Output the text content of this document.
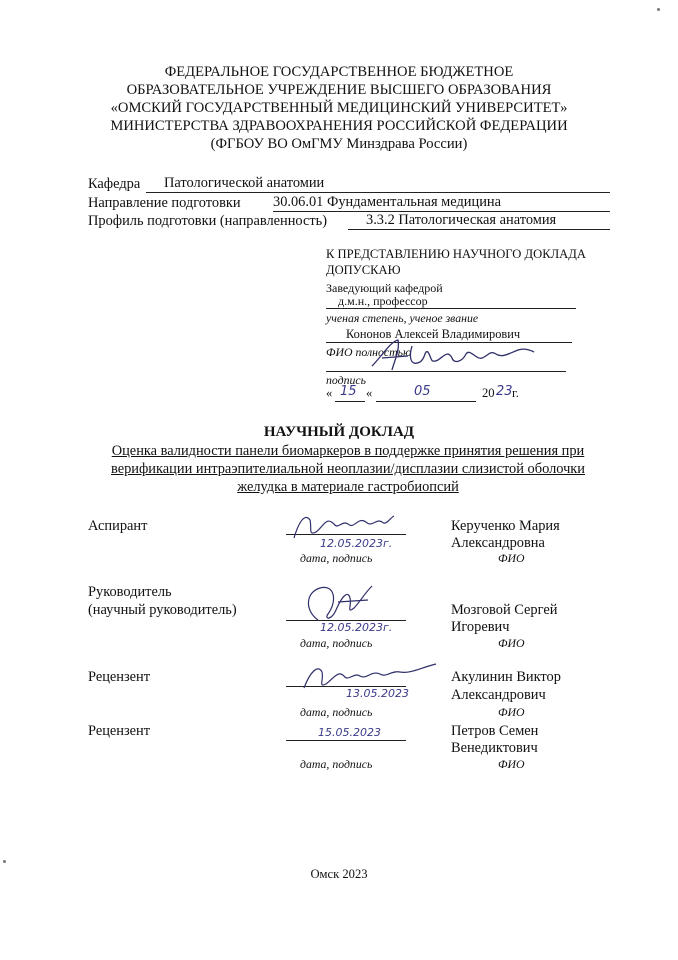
ФЕДЕРАЛЬНОЕ ГОСУДАРСТВЕННОЕ БЮДЖЕТНОЕ
ОБРАЗОВАТЕЛЬНОЕ УЧРЕЖДЕНИЕ ВЫСШЕГО ОБРАЗОВАНИЯ
«ОМСКИЙ ГОСУДАРСТВЕННЫЙ МЕДИЦИНСКИЙ УНИВЕРСИТЕТ»
МИНИСТЕРСТВА ЗДРАВООХРАНЕНИЯ РОССИЙСКОЙ ФЕДЕРАЦИИ
(ФГБОУ ВО ОмГМУ Минздрава России)
Кафедра Патологической анатомии
Направление подготовки 30.06.01 Фундаментальная медицина
Профиль подготовки (направленность)	3.3.2 Патологическая анатомия
К ПРЕДСТАВЛЕНИЮ НАУЧНОГО ДОКЛАДА
ДОПУСКАЮ
Заведующий кафедрой
д.м.н., профессор
ученая степень, ученое звание
Кононов Алексей Владимирович
ФИО полностью
подпись
« 15 «	05	20 23 г.
НАУЧНЫЙ ДОКЛАД
Оценка валидности панели биомаркеров в поддержке принятия решения при
верификации интраэпителиальной неоплазии/дисплазии слизистой оболочки
желудка в материале гастробиопсий
Аспирант
12.05.2023г.
дата, подпись
Керученко Мария
Александровна
ФИО
Руководитель
(научный руководитель)
12.05.2023г.
дата, подпись
Мозговой Сергей
Игоревич
ФИО
Рецензент
13.05.2023
дата, подпись
Акулинин Виктор
Александрович
ФИО
Рецензент	15.05.2023
дата, подпись
Петров Семен
Венедиктович
ФИО
Омск 2023
